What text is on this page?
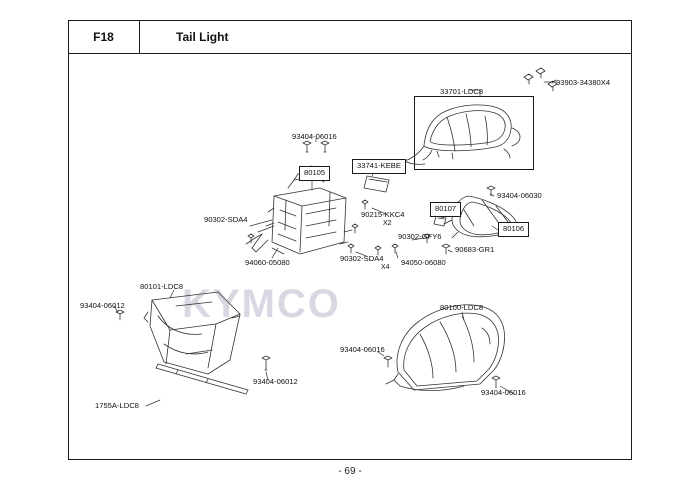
KYMCO
F18	Tail Light
33701-LDC8
93903-34380X4
93404-06016
80105
33741-KEBE
93404-06030
80107
80106
90215-KKC4
X2
90302-SDA4
90302-GFY6
90683-GR1
94050-06080
90302-SDA4
X4
94060-05080
80101-LDC8
93404-06012	80100-LDC8
93404-06016
93404-06012
93404-06016
1755A-LDC8
- 69 -
